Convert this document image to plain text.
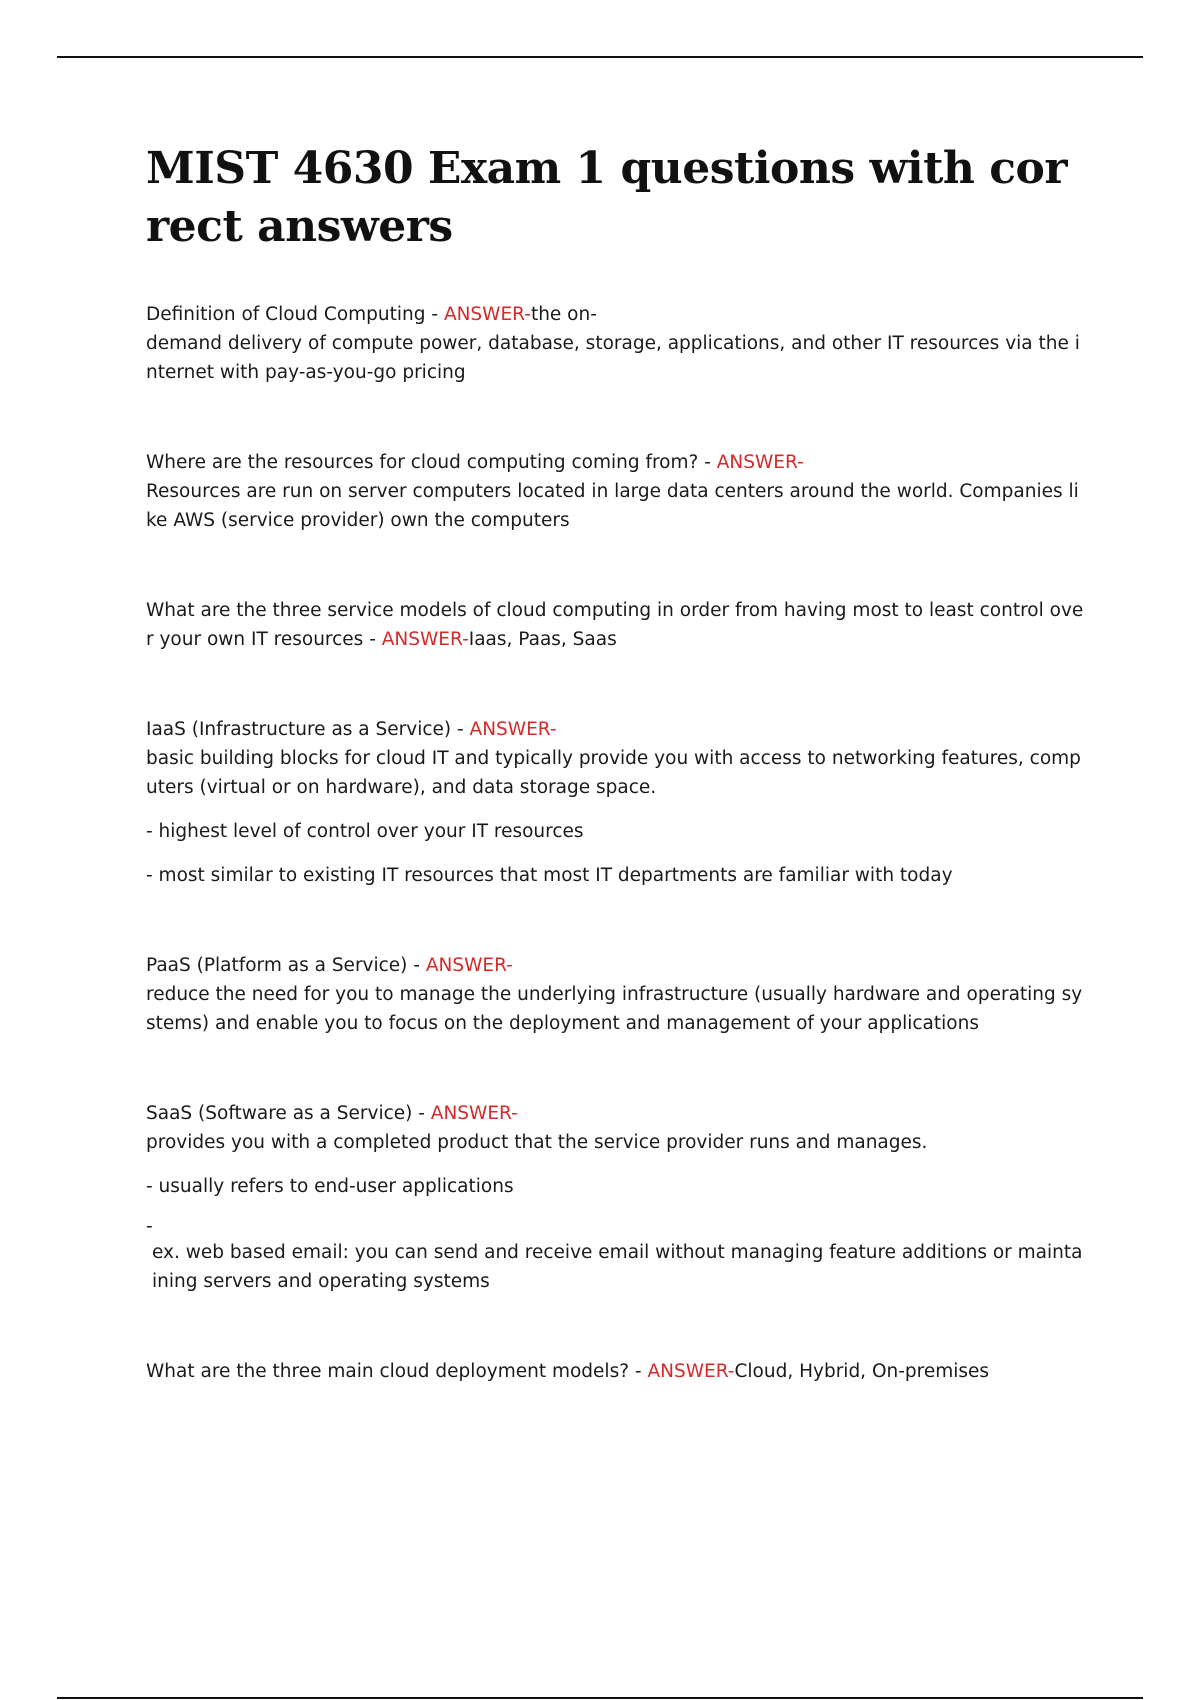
MIST 4630 Exam 1 questions with correct answers
Definition of Cloud Computing - ANSWER-the on-
demand delivery of compute power, database, storage, applications, and other IT resources via the internet with pay-as-you-go pricing
Where are the resources for cloud computing coming from? - ANSWER-
Resources are run on server computers located in large data centers around the world. Companies like AWS (service provider) own the computers
What are the three service models of cloud computing in order from having most to least control over your own IT resources - ANSWER-Iaas, Paas, Saas
IaaS (Infrastructure as a Service) - ANSWER-
basic building blocks for cloud IT and typically provide you with access to networking features, computers (virtual or on hardware), and data storage space.
- highest level of control over your IT resources
- most similar to existing IT resources that most IT departments are familiar with today
PaaS (Platform as a Service) - ANSWER-
reduce the need for you to manage the underlying infrastructure (usually hardware and operating systems) and enable you to focus on the deployment and management of your applications
SaaS (Software as a Service) - ANSWER-
provides you with a completed product that the service provider runs and manages.
- usually refers to end-user applications
-
ex. web based email: you can send and receive email without managing feature additions or maintaining servers and operating systems
What are the three main cloud deployment models? - ANSWER-Cloud, Hybrid, On-premises
